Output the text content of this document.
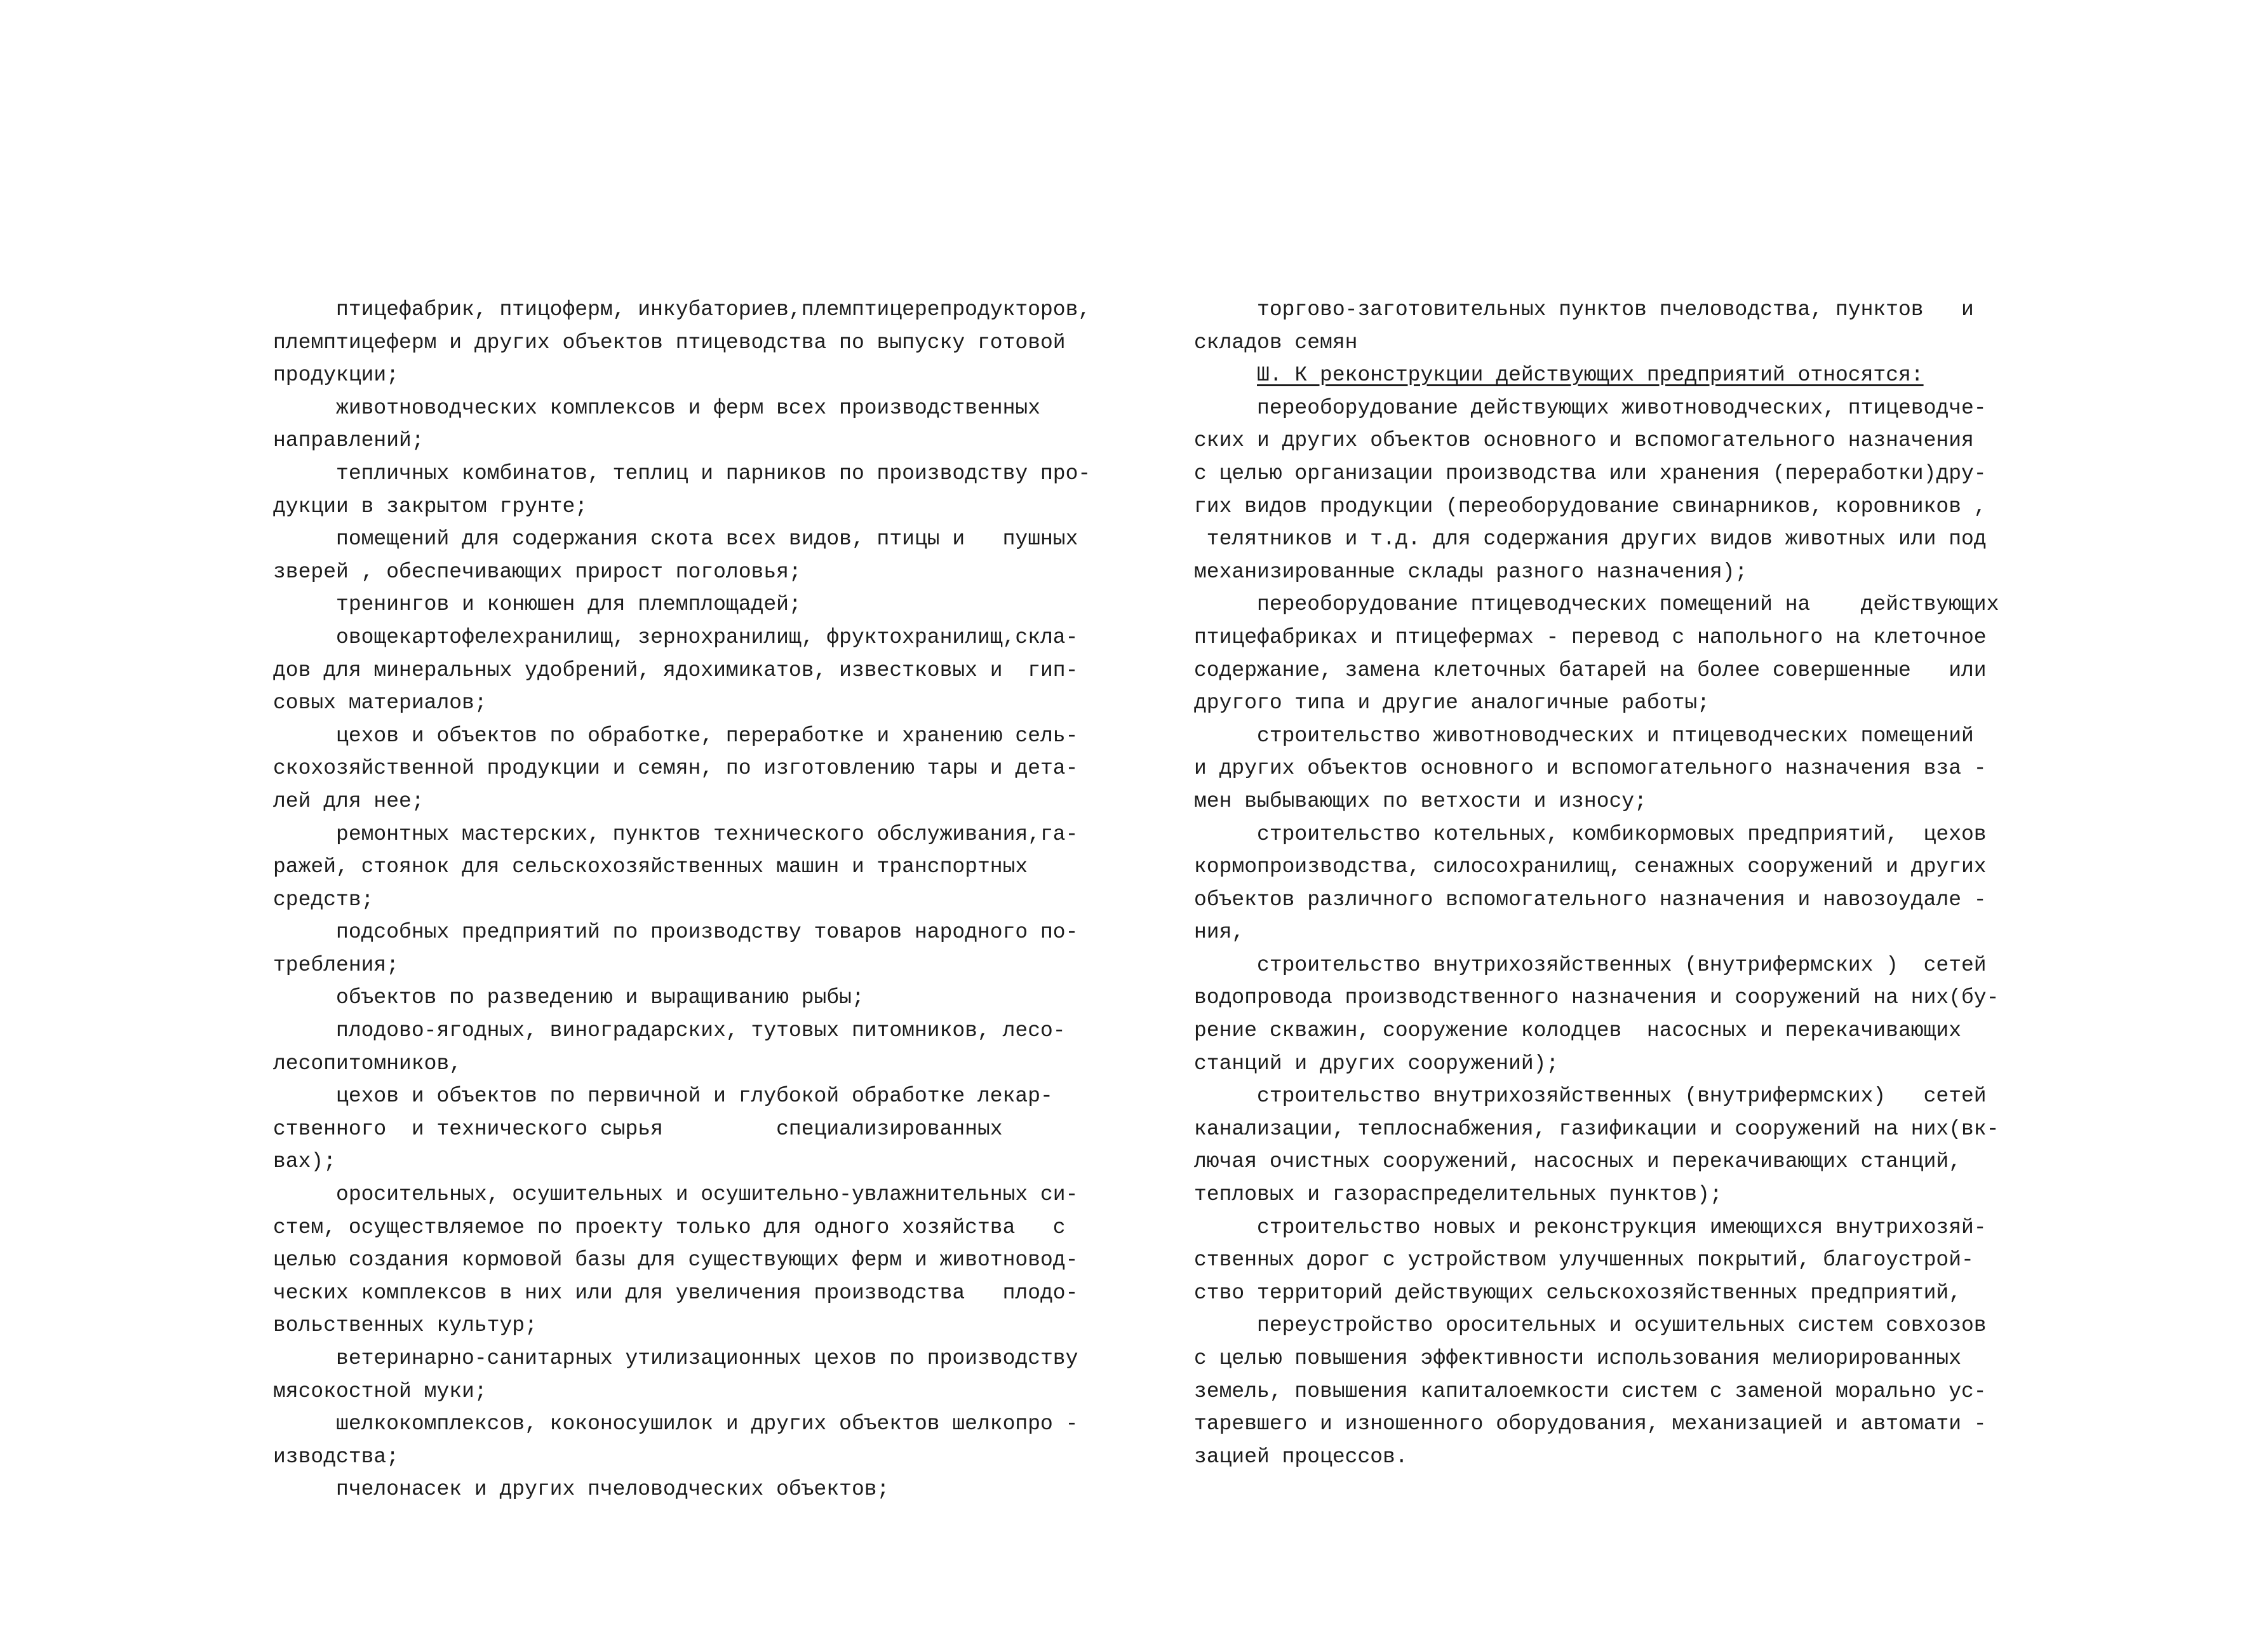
птицефабрик, птицоферм, инкубаториев,племптицерепродукторов,
племптицеферм и других объектов птицеводства по выпуску готовой
продукции;
животноводческих комплексов и ферм всех производственных
направлений;
тепличных комбинатов, теплиц и парников по производству про-
дукции в закрытом грунте;
помещений для содержания скота всех видов, птицы и   пушных
зверей , обеспечивающих прирост поголовья;
тренингов и конюшен для племплощадей;
овощекартофелехранилищ, зернохранилищ, фруктохранилищ,скла-
дов для минеральных удобрений, ядохимикатов, известковых и  гип-
совых материалов;
цехов и объектов по обработке, переработке и хранению сель-
скохозяйственной продукции и семян, по изготовлению тары и дета-
лей для нее;
ремонтных мастерских, пунктов технического обслуживания,га-
ражей, стоянок для сельскохозяйственных машин и транспортных
средств;
подсобных предприятий по производству товаров народного по-
требления;
объектов по разведению и выращиванию рыбы;
плодово-ягодных, виноградарских, тутовых питомников, лесо-
лесопитомников,
цехов и объектов по первичной и глубокой обработке лекар-
ственного  и технического сырья         специализированных
вах);
оросительных, осушительных и осушительно-увлажнительных си-
стем, осуществляемое по проекту только для одного хозяйства   с
целью создания кормовой базы для существующих ферм и животновод-
ческих комплексов в них или для увеличения производства   плодо-
вольственных культур;
ветеринарно-санитарных утилизационных цехов по производству
мясокостной муки;
шелкокомплексов, коконосушилок и других объектов шелкопро -
изводства;
пчелонасек и других пчеловодческих объектов;
торгово-заготовительных пунктов пчеловодства, пунктов   и
складов семян
Ш. К реконструкции действующих предприятий относятся:
переоборудование действующих животноводческих, птицеводче-
ских и других объектов основного и вспомогательного назначения
с целью организации производства или хранения (переработки)дру-
гих видов продукции (переоборудование свинарников, коровников ,
телятников и т.д. для содержания других видов животных или под
механизированные склады разного назначения);
переоборудование птицеводческих помещений на    действующих
птицефабриках и птицефермах - перевод с напольного на клеточное
содержание, замена клеточных батарей на более совершенные   или
другого типа и другие аналогичные работы;
строительство животноводческих и птицеводческих помещений
и других объектов основного и вспомогательного назначения вза -
мен выбывающих по ветхости и износу;
строительство котельных, комбикормовых предприятий,  цехов
кормопроизводства, силосохранилищ, сенажных сооружений и других
объектов различного вспомогательного назначения и навозоудале -
ния,
строительство внутрихозяйственных (внутрифермских )  сетей
водопровода производственного назначения и сооружений на них(бу-
рение скважин, сооружение колодцев  насосных и перекачивающих
станций и других сооружений);
строительство внутрихозяйственных (внутрифермских)   сетей
канализации, теплоснабжения, газификации и сооружений на них(вк-
лючая очистных сооружений, насосных и перекачивающих станций,
тепловых и газораспределительных пунктов);
строительство новых и реконструкция имеющихся внутрихозяй-
ственных дорог с устройством улучшенных покрытий, благоустрой-
ство территорий действующих сельскохозяйственных предприятий,
переустройство оросительных и осушительных систем совхозов
с целью повышения эффективности использования мелиорированных
земель, повышения капиталоемкости систем с заменой морально ус-
таревшего и изношенного оборудования, механизацией и автомати -
зацией процессов.
